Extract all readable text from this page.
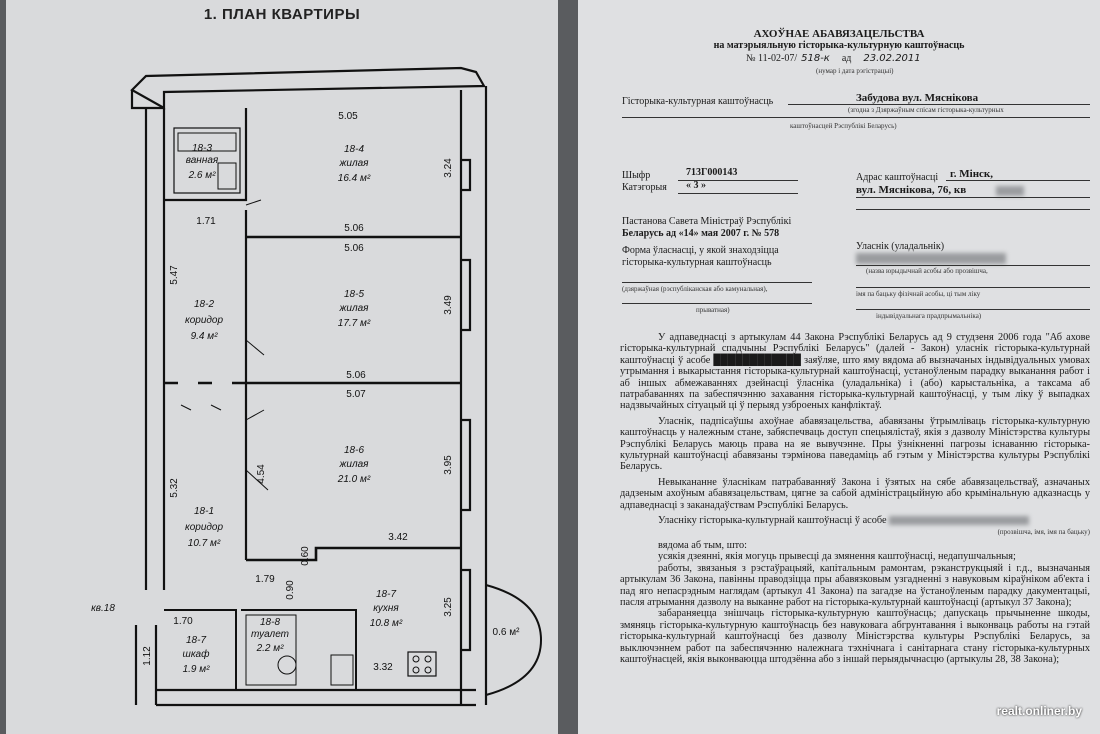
1. ПЛАН КВАРТИРЫ
5.05
3.24
1.71
5.06
5.06
5.47
3.49
5.06
5.07
4.54	3.95
5.32
3.42
0.60
1.79
0.90
3.25
1.70
1.12
3.32
18-3
ванная
2.6 м²
18-4
жилая
16.4 м²
18-2
коридор
9.4 м²
18-5
жилая
17.7 м²
18-6
жилая
21.0 м²
18-1
коридор
10.7 м²
18-7
кухня
10.8 м²
18-8
туалет
2.2 м²
18-7
шкаф
1.9 м²
0.6 м²
кв.18
АХОЎНАЕ АБАВЯЗАЦЕЛЬСТВА
на матэрыяльную гісторыка-культурную каштоўнасць
№ 11-02-07/ 518-к ад 23.02.2011
(нумар і дата рэгістрацыі)
Гісторыка-культурная каштоўнасць	Забудова вул. Мяснікова
(згодна з Дзяржаўным спісам гісторыка-культурных
каштоўнасцей Рэспублікі Беларусь)
Шыфр	713Г000143
Катэгорыя « 3 »
Адрас каштоўнасці г. Мінск,
вул. Мяснікова, 76, кв
Пастанова Савета Міністраў Рэспублікі
Беларусь ад «14» мая 2007 г. № 578
Форма ўласнасці, у якой знаходзіцца
гісторыка-культурная каштоўнасць
(дзяржаўная (рэспубліканская або камунальная),
прыватная)
Уласнік (уладальнік)
(назва юрыдычнай асобы або прозвішча,
імя па бацьку фізічнай асобы, ці тым ліку
індывідуальнага прадпрымальніка)

У адпаведнасці з артыкулам 44 Закона Рэспублікі Беларусь ад 9 студзеня 2006 года "Аб ахове гісторыка-культурнай спадчыны Рэспублікі Беларусь" (далей - Закон) уласнік гісторыка-культурнай каштоўнасці ў асобе ████████████ заяўляе, што яму вядома аб вызначаных індывідуальных умовах утрымання і выкарыстання гісторыка-культурнай каштоўнасці, устаноўленым парадку выканання работ і аб іншых абмежаваннях дзейнасці ўласніка (уладальніка) і (або) карыстальніка, а таксама аб патрабаваннях па забеспячэнню захавання гісторыка-культурнай каштоўнасці, у тым ліку ў выпадках надзвычайных сітуацый ці ў перыяд узброеных канфліктаў.

Уласнік, падпісаўшы ахоўнае абавязацельства, абавязаны ўтрымліваць гісторыка-культурную каштоўнасць у належным стане, забяспечваць доступ спецыялістаў, якія з дазволу Міністэрства культуры Рэспублікі Беларусь маюць права на яе вывучэнне. Пры ўзнікненні пагрозы існаванню гісторыка-культурнай каштоўнасці абавязаны тэрмінова паведаміць аб гэтым у Міністэрства культуры Рэспублікі Беларусь.

Невыкананне ўласнікам патрабаванняў Закона і ўзятых на сябе абавязацельстваў, азначаных дадзеным ахоўным абавязацельствам, цягне за сабой адміністрацыйную або крымінальную адказнасць у адпаведнасці з заканадаўствам Рэспублікі Беларусь.

Уласніку гісторыка-культурнай каштоўнасці ў асобе

(прозвішча, імя, імя па бацьку)

вядома аб тым, што:

усякія дзеянні, якія могуць прывесці да змянення каштоўнасці, недапушчальныя;

работы, звязаныя з рэстаўрацыяй, капітальным рамонтам, рэканструкцыяй і г.д., вызначаныя артыкулам 36 Закона, павінны праводзіцца пры абавязковым узгадненні з навуковым кіраўніком аб'екта і пад яго непасрэдным наглядам (артыкул 41 Закона) па загадзе на ўстаноўленым парадку дакументацыі, пасля атрымання дазволу на выканне работ на гісторыка-культурнай каштоўнасці (артыкул 37 Закона);

забараняецца знішчаць гісторыка-культурную каштоўнасць; дапускаць прычыненне шкоды, змяняць гісторыка-культурную каштоўнасць без навуковага абгрунтавання і выконваць работы на гэтай гісторыка-культурнай каштоўнасці без дазволу Міністэрства культуры Рэспублікі Беларусь, за выключэннем работ па забеспячэнню належнага тэхнічнага і санітарнага стану гісторыка-культурных каштоўнасцей, якія выконваюцца штодзённа або з іншай перыядычнасцю (артыкулы 28, 38 Закона);

realt.onliner.by
